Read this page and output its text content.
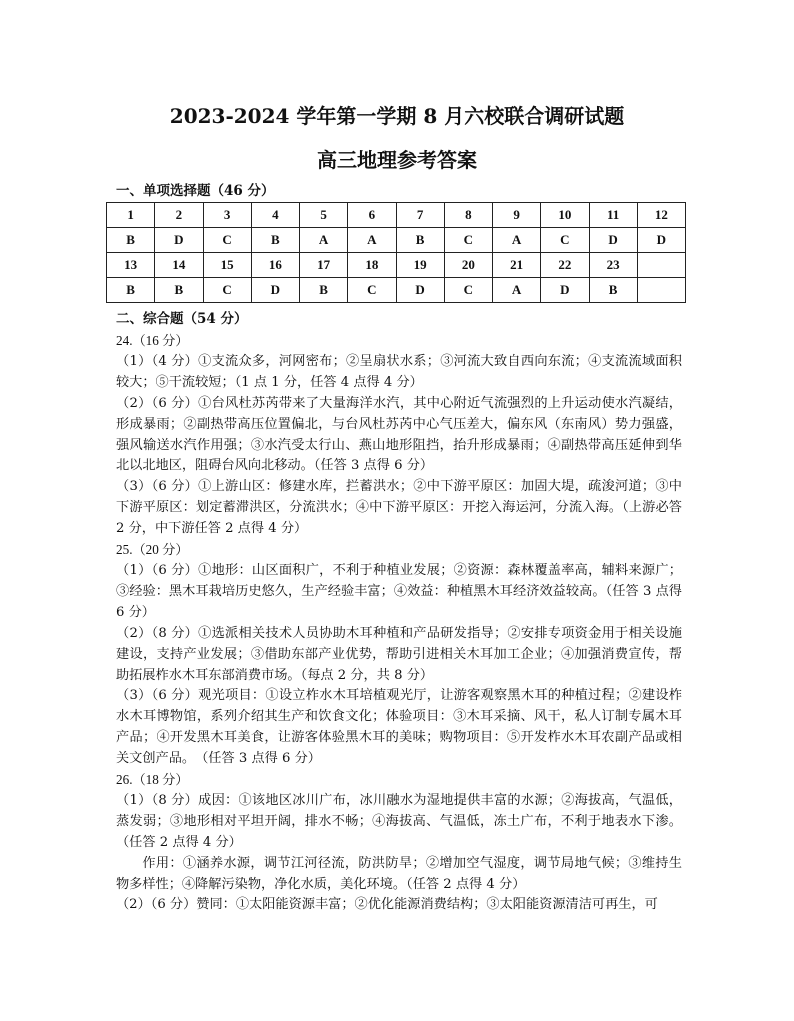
2023-2024 学年第一学期 8 月六校联合调研试题
高三地理参考答案
一、单项选择题（46 分）
1	2	3	4	5	6	7	8	9	10	11	12
B	D	C	B	A	A	B	C	A	C	D	D
13	14	15	16	17	18	19	20	21	22	23	
B	B	C	D	B	C	D	C	A	D	B	
二、综合题（54 分）

24.（16 分）

（1）（4 分）①支流众多，河网密布；②呈扇状水系；③河流大致自西向东流；④支流流域面积较大；⑤干流较短；（1 点 1 分，任答 4 点得 4 分）

（2）（6 分）①台风杜苏芮带来了大量海洋水汽，其中心附近气流强烈的上升运动使水汽凝结，形成暴雨；②副热带高压位置偏北，与台风杜苏芮中心气压差大，偏东风（东南风）势力强盛，强风输送水汽作用强；③水汽受太行山、燕山地形阻挡，抬升形成暴雨；④副热带高压延伸到华北以北地区，阻碍台风向北移动。（任答 3 点得 6 分）

（3）（6 分）①上游山区：修建水库，拦蓄洪水；②中下游平原区：加固大堤，疏浚河道；③中下游平原区：划定蓄滞洪区，分流洪水；④中下游平原区：开挖入海运河，分流入海。（上游必答 2 分，中下游任答 2 点得 4 分）

25.（20 分）

（1）（6 分）①地形：山区面积广，不利于种植业发展；②资源：森林覆盖率高，辅料来源广；③经验：黑木耳栽培历史悠久，生产经验丰富；④效益：种植黑木耳经济效益较高。（任答 3 点得 6 分）

（2）（8 分）①选派相关技术人员协助木耳种植和产品研发指导；②安排专项资金用于相关设施建设，支持产业发展；③借助东部产业优势，帮助引进相关木耳加工企业；④加强消费宣传，帮助拓展柞水木耳东部消费市场。（每点 2 分，共 8 分）

（3）（6 分）观光项目：①设立柞水木耳培植观光厅，让游客观察黑木耳的种植过程；②建设柞水木耳博物馆，系列介绍其生产和饮食文化；体验项目：③木耳采摘、风干，私人订制专属木耳产品；④开发黑木耳美食，让游客体验黑木耳的美味；购物项目：⑤开发柞水木耳农副产品或相关文创产品。　（任答 3 点得 6 分）

26.（18 分）

（1）（8 分）成因：①该地区冰川广布，冰川融水为湿地提供丰富的水源；②海拔高，气温低，蒸发弱；③地形相对平坦开阔，排水不畅；④海拔高、气温低，冻土广布，不利于地表水下渗。（任答 2 点得 4 分）

作用：①涵养水源，调节江河径流，防洪防旱；②增加空气湿度，调节局地气候；③维持生物多样性；④降解污染物，净化水质，美化环境。（任答 2 点得 4 分）

（2）（6 分）赞同：①太阳能资源丰富；②优化能源消费结构；③太阳能资源清洁可再生，可
